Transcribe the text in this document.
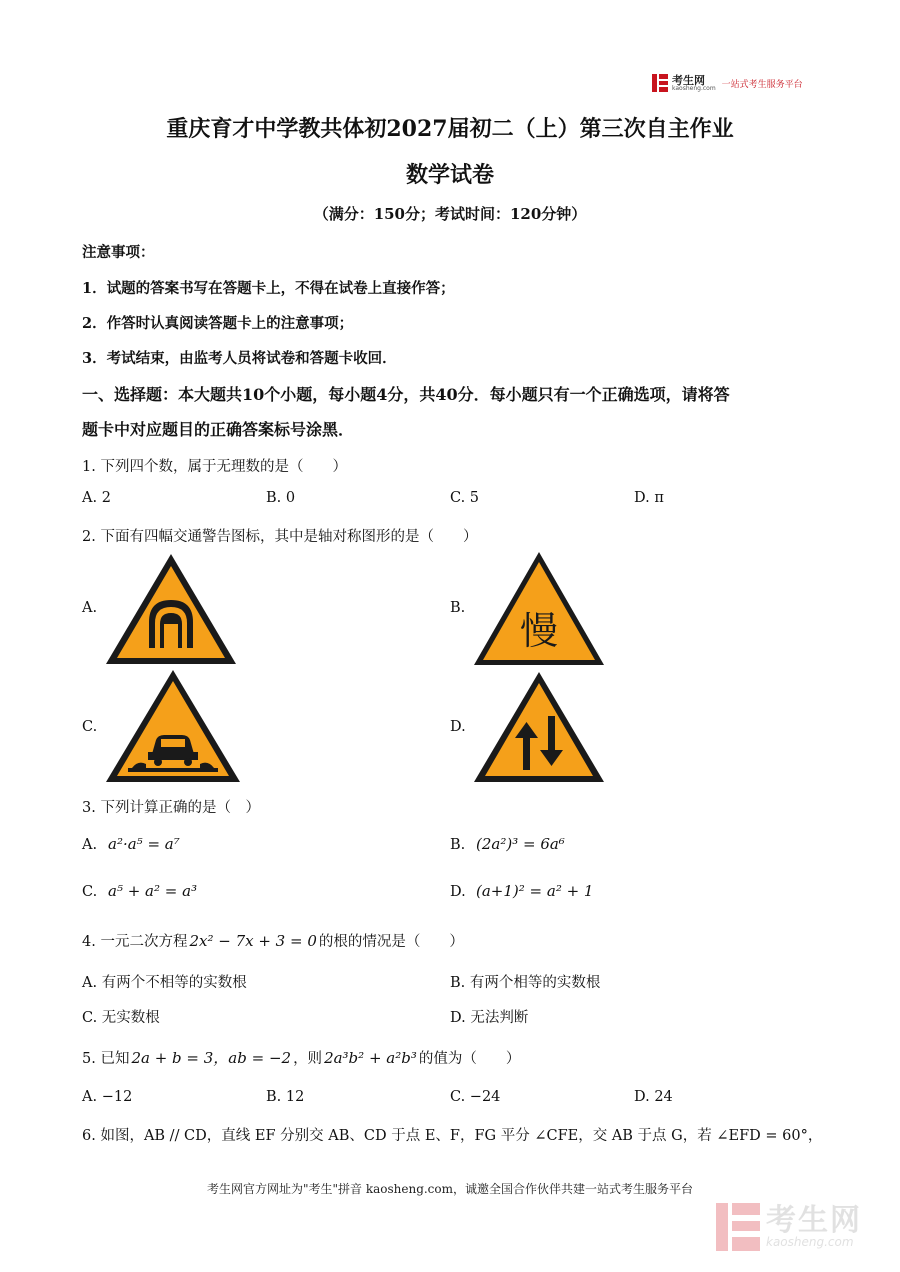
考生网
kaosheng.com 一站式考生服务平台
重庆育才中学教共体初2027届初二（上）第三次自主作业
数学试卷
（满分：150分；考试时间：120分钟）
注意事项：
1．试题的答案书写在答题卡上，不得在试卷上直接作答；
2．作答时认真阅读答题卡上的注意事项；
3．考试结束，由监考人员将试卷和答题卡收回．
一、选择题：本大题共10个小题，每小题4分，共40分．每小题只有一个正确选项，请将答
题卡中对应题目的正确答案标号涂黑．
1. 下列四个数，属于无理数的是（　　）
A. 2	B. 0	C. 5	D. π
2. 下面有四幅交通警告图标，其中是轴对称图形的是（　　）
A.	B.
C.	D.
慢
3. 下列计算正确的是（　）
A. a²·a⁵ = a⁷	B. (2a²)³ = 6a⁶
C. a⁵ + a² = a³	D. (a+1)² = a² + 1
4. 一元二次方程 2x² − 7x + 3 = 0 的根的情况是（　　）
A. 有两个不相等的实数根	B. 有两个相等的实数根
C. 无实数根	D. 无法判断
5. 已知 2a + b = 3，ab = −2 ，则 2a³b² + a²b³ 的值为（　　）
A. −12	B. 12	C. −24	D. 24
6. 如图，AB // CD，直线 EF 分别交 AB、CD 于点 E、F，FG 平分 ∠CFE，交 AB 于点 G，若 ∠EFD = 60°，
考生网官方网址为"考生"拼音 kaosheng.com，诚邀全国合作伙伴共建一站式考生服务平台
考生网
kaosheng.com
